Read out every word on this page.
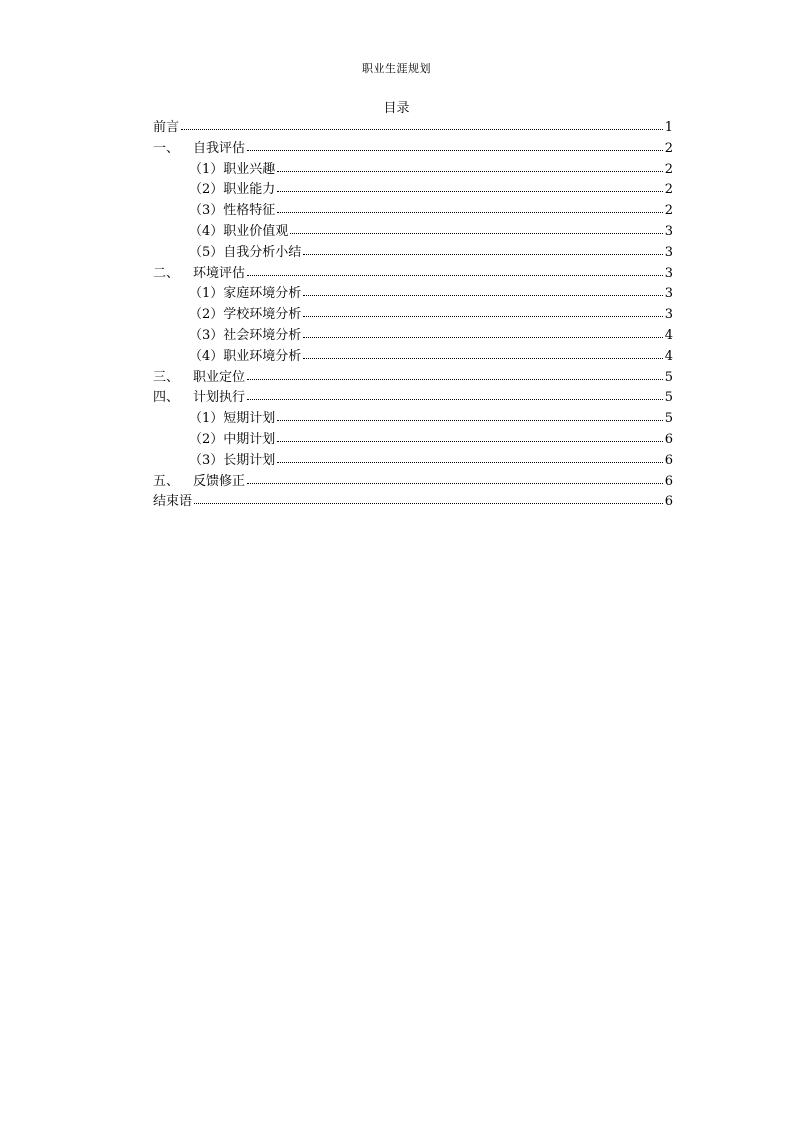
职业生涯规划
目录
前言	1
一、	自我评估	2
（1）职业兴趣	2
（2）职业能力	2
（3）性格特征	2
（4）职业价值观	3
（5）自我分析小结	3
二、	环境评估	3
（1）家庭环境分析	3
（2）学校环境分析	3
（3）社会环境分析	4
（4）职业环境分析	4
三、	职业定位	5
四、	计划执行	5
（1）短期计划	5
（2）中期计划	6
（3）长期计划	6
五、	反馈修正	6
结束语	6
